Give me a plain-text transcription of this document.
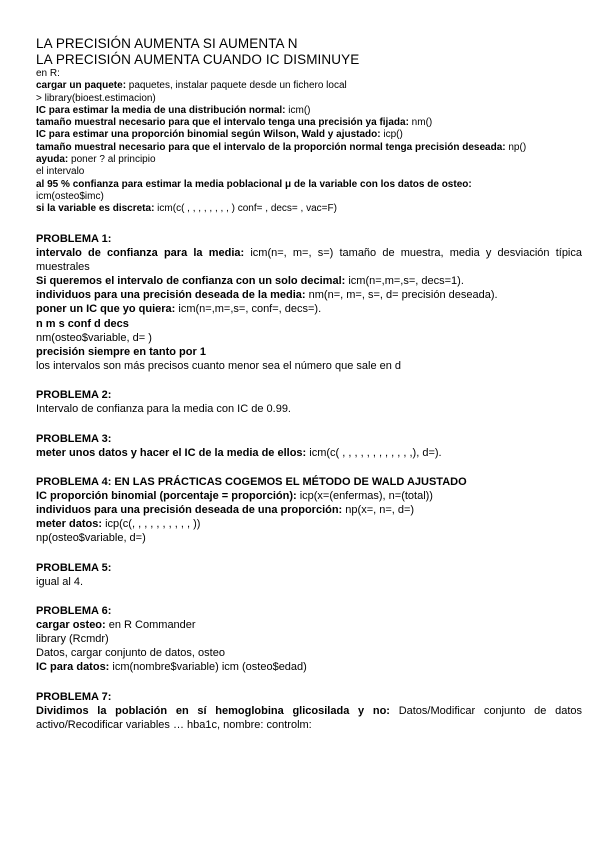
LA PRECISIÓN AUMENTA SI AUMENTA N
LA PRECISIÓN AUMENTA CUANDO IC DISMINUYE
en R:
cargar un paquete: paquetes, instalar paquete desde un fichero local
> library(bioest.estimacion)
IC para estimar la media de una distribución normal: icm()
tamaño muestral necesario para que el intervalo tenga una precisión ya fijada: nm()
IC para estimar una proporción binomial según Wilson, Wald y ajustado: icp()
tamaño muestral necesario para que el intervalo de la proporción normal tenga precisión deseada: np()
ayuda: poner ? al principio
el intervalo
al 95 % confianza para estimar la media poblacional μ de la variable con los datos de osteo:
icm(osteo$imc)
si la variable es discreta: icm(c( , , , , , , , , ) conf= , decs= , vac=F)
PROBLEMA 1:
intervalo de confianza para la media: icm(n=, m=, s=) tamaño de muestra, media y desviación típica muestrales
Si queremos el intervalo de confianza con un solo decimal: icm(n=,m=,s=, decs=1).
individuos para una precisión deseada de la media: nm(n=, m=, s=, d= precisión deseada).
poner un IC que yo quiera: icm(n=,m=,s=, conf=, decs=).
n m s conf d decs
nm(osteo$variable, d= )
precisión siempre en tanto por 1
los intervalos son más precisos cuanto menor sea el número que sale en d
PROBLEMA 2:
Intervalo de confianza para la media con IC de 0.99.
PROBLEMA 3:
meter unos datos y hacer el IC de la media de ellos: icm(c( , , , , , , , , , , , ,), d=).
PROBLEMA 4: EN LAS PRÁCTICAS COGEMOS EL MÉTODO DE WALD AJUSTADO
IC proporción binomial (porcentaje = proporción): icp(x=(enfermas), n=(total))
individuos para una precisión deseada de una proporción: np(x=, n=, d=)
meter datos: icp(c(, , , , , , , , , , ))
np(osteo$variable, d=)
PROBLEMA 5:
igual al 4.
PROBLEMA 6:
cargar osteo: en R Commander
library (Rcmdr)
Datos, cargar conjunto de datos, osteo
IC para datos: icm(nombre$variable) icm (osteo$edad)
PROBLEMA 7:
Dividimos la población en sí hemoglobina glicosilada y no: Datos/Modificar conjunto de datos activo/Recodificar variables … hba1c, nombre: controlm:
